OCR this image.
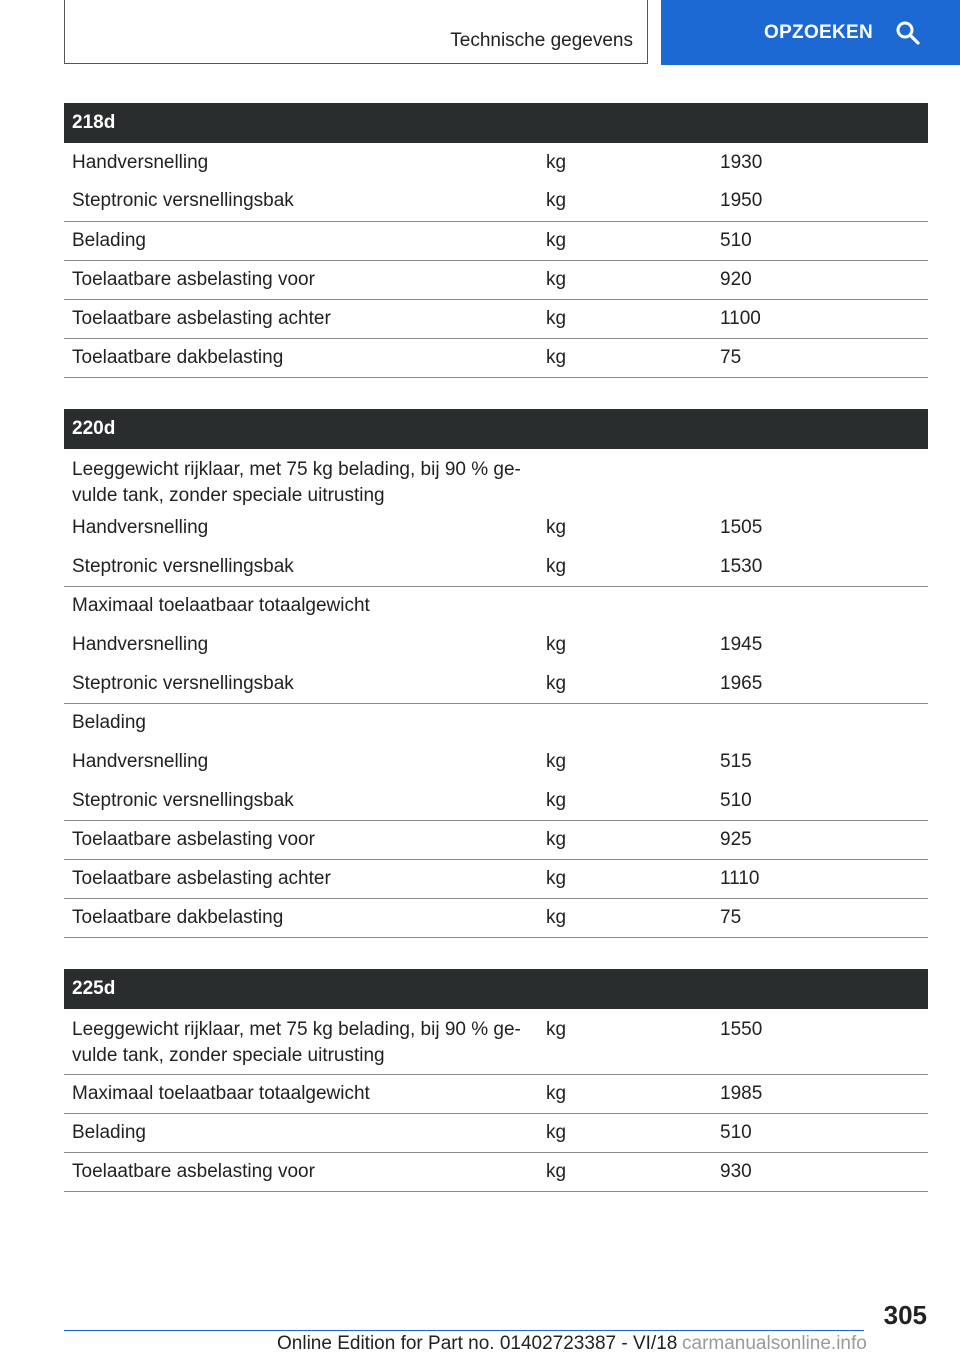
Technische gegevens	OPZOEKEN
218d		
Handversnelling	kg	1930
Steptronic versnellingsbak	kg	1950
Belading	kg	510
Toelaatbare asbelasting voor	kg	920
Toelaatbare asbelasting achter	kg	1100
Toelaatbare dakbelasting	kg	75
220d		
Leeggewicht rijklaar, met 75 kg belading, bij 90 % ge-
vulde tank, zonder speciale uitrusting		
Handversnelling	kg	1505
Steptronic versnellingsbak	kg	1530
Maximaal toelaatbaar totaalgewicht		
Handversnelling	kg	1945
Steptronic versnellingsbak	kg	1965
Belading		
Handversnelling	kg	515
Steptronic versnellingsbak	kg	510
Toelaatbare asbelasting voor	kg	925
Toelaatbare asbelasting achter	kg	1110
Toelaatbare dakbelasting	kg	75
225d		
Leeggewicht rijklaar, met 75 kg belading, bij 90 % ge-
vulde tank, zonder speciale uitrusting	kg	1550
Maximaal toelaatbaar totaalgewicht	kg	1985
Belading	kg	510
Toelaatbare asbelasting voor	kg	930
305
Online Edition for Part no. 01402723387 - VI/18 carmanualsonline.info
